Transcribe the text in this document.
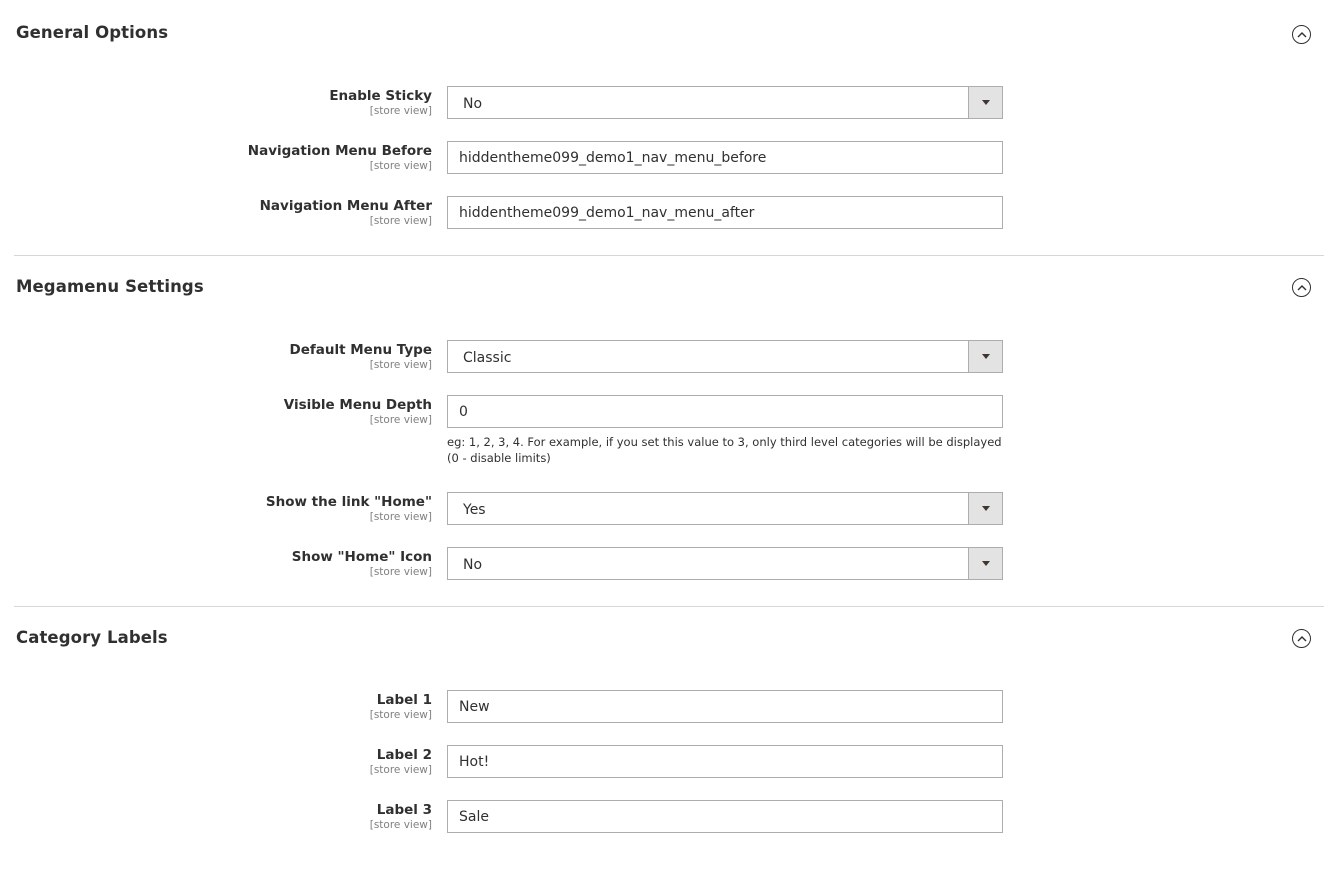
General Options
Enable Sticky
[store view] No
Navigation Menu Before
[store view] hiddentheme099_demo1_nav_menu_before
Navigation Menu After
[store view] hiddentheme099_demo1_nav_menu_after
Megamenu Settings
Default Menu Type
[store view] Classic
Visible Menu Depth
[store view] 0
eg: 1, 2, 3, 4. For example, if you set this value to 3, only third level categories will be displayed (0 - disable limits)
Show the link "Home"
[store view] Yes
Show "Home" Icon
[store view] No
Category Labels
Label 1
[store view] New
Label 2
[store view] Hot!
Label 3
[store view] Sale
